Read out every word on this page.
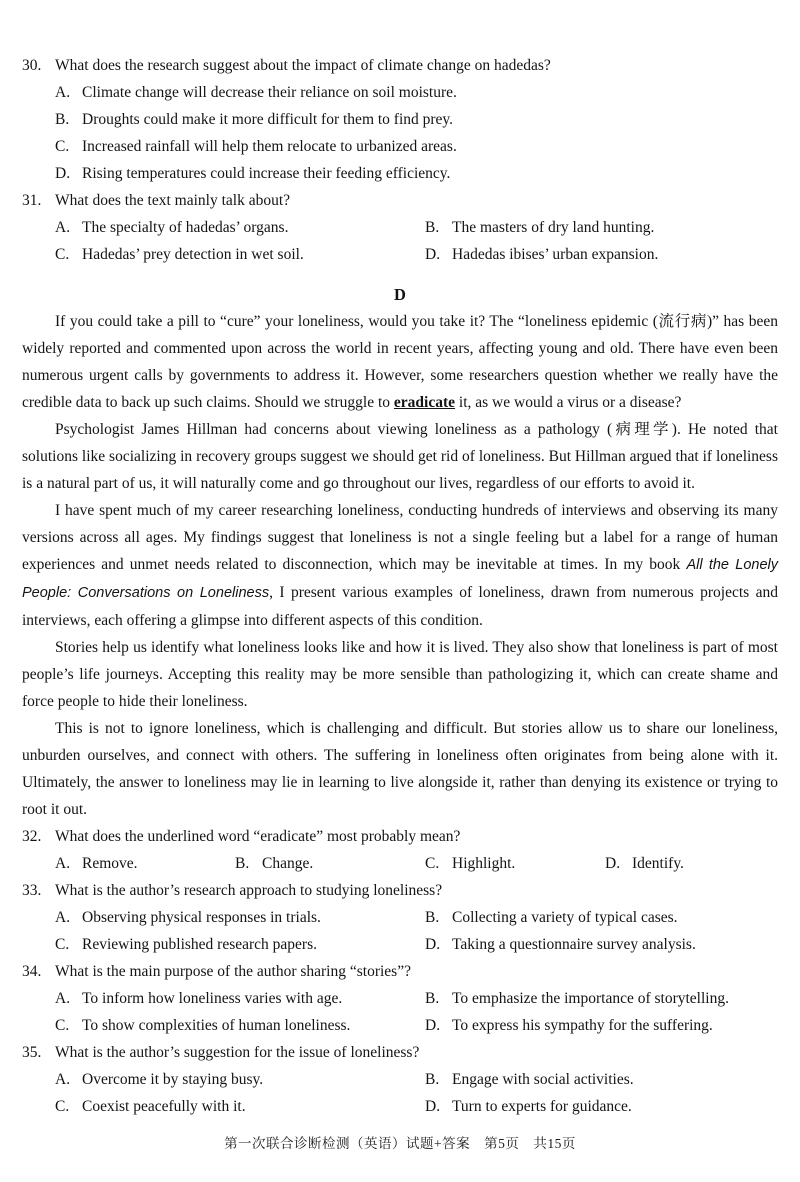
30. What does the research suggest about the impact of climate change on hadedas?
A. Climate change will decrease their reliance on soil moisture.
B. Droughts could make it more difficult for them to find prey.
C. Increased rainfall will help them relocate to urbanized areas.
D. Rising temperatures could increase their feeding efficiency.
31. What does the text mainly talk about?
A. The specialty of hadedas’ organs.	B. The masters of dry land hunting.
C. Hadedas’ prey detection in wet soil.	D. Hadedas ibises’ urban expansion.
D

If you could take a pill to “cure” your loneliness, would you take it? The “loneliness epidemic (流行病)” has been widely reported and commented upon across the world in recent years, affecting young and old. There have even been numerous urgent calls by governments to address it. However, some researchers question whether we really have the credible data to back up such claims. Should we struggle to eradicate it, as we would a virus or a disease?

Psychologist James Hillman had concerns about viewing loneliness as a pathology (病理学). He noted that solutions like socializing in recovery groups suggest we should get rid of loneliness. But Hillman argued that if loneliness is a natural part of us, it will naturally come and go throughout our lives, regardless of our efforts to avoid it.

I have spent much of my career researching loneliness, conducting hundreds of interviews and observing its many versions across all ages. My findings suggest that loneliness is not a single feeling but a label for a range of human experiences and unmet needs related to disconnection, which may be inevitable at times. In my book All the Lonely People: Conversations on Loneliness, I present various examples of loneliness, drawn from numerous projects and interviews, each offering a glimpse into different aspects of this condition.

Stories help us identify what loneliness looks like and how it is lived. They also show that loneliness is part of most people’s life journeys. Accepting this reality may be more sensible than pathologizing it, which can create shame and force people to hide their loneliness.

This is not to ignore loneliness, which is challenging and difficult. But stories allow us to share our loneliness, unburden ourselves, and connect with others. The suffering in loneliness often originates from being alone with it. Ultimately, the answer to loneliness may lie in learning to live alongside it, rather than denying its existence or trying to root it out.

32. What does the underlined word “eradicate” most probably mean?
A. Remove.	B. Change.	C. Highlight.	D. Identify.
33. What is the author’s research approach to studying loneliness?
A. Observing physical responses in trials.	B. Collecting a variety of typical cases.
C. Reviewing published research papers.	D. Taking a questionnaire survey analysis.
34. What is the main purpose of the author sharing “stories”?
A. To inform how loneliness varies with age.	B. To emphasize the importance of storytelling.
C. To show complexities of human loneliness.	D. To express his sympathy for the suffering.
35. What is the author’s suggestion for the issue of loneliness?
A. Overcome it by staying busy.	B. Engage with social activities.
C. Coexist peacefully with it.	D. Turn to experts for guidance.
第一次联合诊断检测（英语）试题+答案　第5页　共15页
